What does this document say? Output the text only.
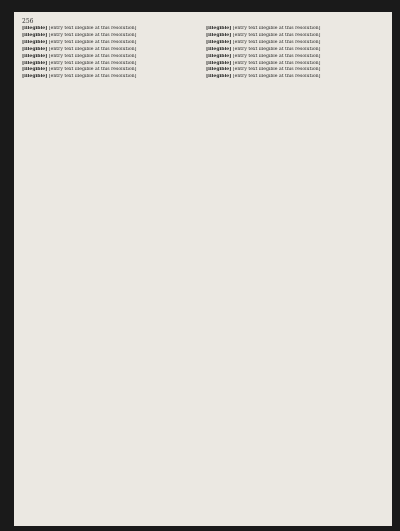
256

[illegible] [entry text illegible at this resolution]

[illegible] [entry text illegible at this resolution]

[illegible] [entry text illegible at this resolution]

[illegible] [entry text illegible at this resolution]

[illegible] [entry text illegible at this resolution]

[illegible] [entry text illegible at this resolution]

[illegible] [entry text illegible at this resolution]

[illegible] [entry text illegible at this resolution]

[illegible] [entry text illegible at this resolution]

[illegible] [entry text illegible at this resolution]

[illegible] [entry text illegible at this resolution]

[illegible] [entry text illegible at this resolution]

[illegible] [entry text illegible at this resolution]

[illegible] [entry text illegible at this resolution]

[illegible] [entry text illegible at this resolution]

[illegible] [entry text illegible at this resolution]
